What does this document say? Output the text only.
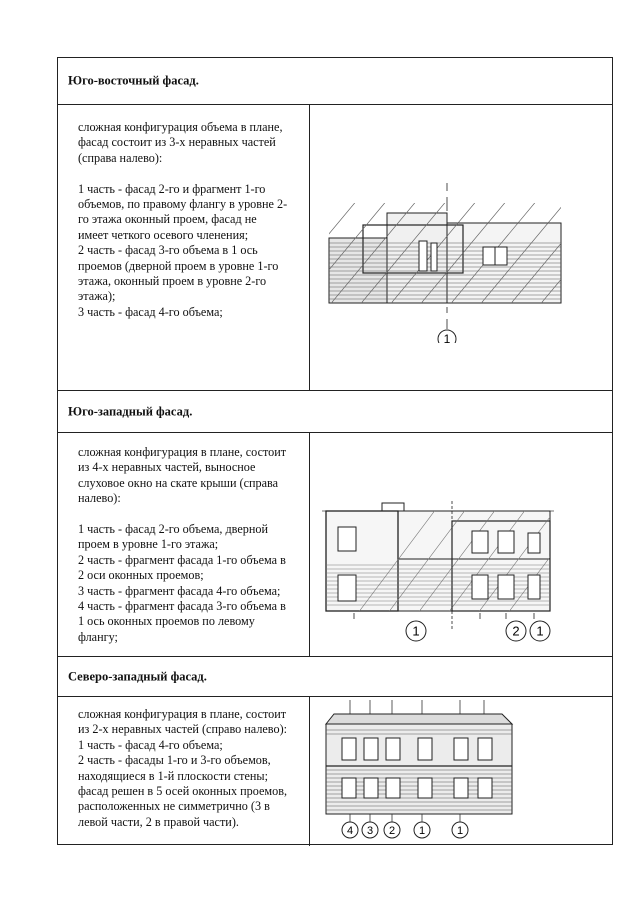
Юго-восточный фасад.

сложная конфигурация объема в плане,

фасад состоит из 3-х неравных частей

(справа налево):

1 часть - фасад 2-го и фрагмент 1-го

объемов, по правому флангу в уровне 2-

го этажа оконный проем, фасад не

имеет четкого осевого членения;

2 часть - фасад 3-го объема в 1 ось

проемов (дверной проем в уровне 1-го

этажа, оконный проем в уровне 2-го

этажа);

3 часть - фасад 4-го объема;

1
Юго-западный фасад.

сложная конфигурация в плане, состоит

из 4-х неравных частей, выносное

слуховое окно на скате крыши (справа

налево):

1 часть - фасад 2-го объема, дверной

проем в уровне 1-го этажа;

2 часть - фрагмент фасада 1-го объема в

2 оси оконных проемов;

3 часть - фрагмент фасада 4-го объема;

4 часть - фрагмент фасада 3-го объема в

1 ось оконных проемов по левому

флангу;	1	2 1
Северо-западный фасад.

сложная конфигурация в плане, состоит

из 2-х неравных частей (справо налево):

1 часть - фасад 4-го объема;

2 часть - фасады 1-го и 3-го объемов,

находящиеся в 1-й плоскости стены;

фасад решен в 5 осей оконных проемов,

расположенных не симметрично (3 в

левой части, 2 в правой части).

4 3 2 1	1
